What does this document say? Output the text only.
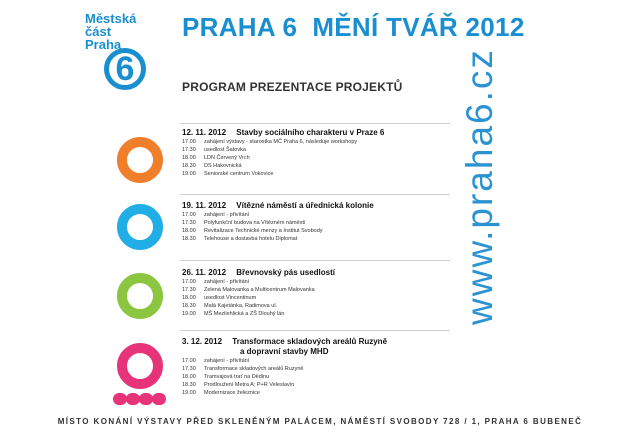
Městská
část
Praha
6
PRAHA 6  MĚNÍ TVÁŘ 2012
PROGRAM PREZENTACE PROJEKTŮ www.praha6.cz
12. 11. 2012 Stavby sociálního charakteru v Praze 6
17.00 zahájení výstavy - starostka MČ Praha 6, následuje workshopy
17.30 usedlost Šatovka
18.00 LDN Červený Vrch
18.30 DS Hakovnická
19.00 Seniorské centrum Vokovice
19. 11. 2012 Vítězné náměstí a úřednická kolonie
17.00 zahájení - přivítání
17.30 Polyfunkční budova na Vítězném náměstí
18.00 Revitalizace Technické menzy a Institut Svobody
18.30 Telehouse a dostavba hotelu Diplomat
26. 11. 2012 Břevnovský pás usedlostí
17.00 zahájení - přivítání
17.30 Zelená Malovanka a Multicentrum Malovanka
18.00 usedlost Vincentinum
18.30 Malá Kajetánka, Radimova ul.
19.00 MŠ Mezilehlická a ZŠ Dlouhý lán
3. 12. 2012 Transformace skladových areálů Ruzyně
a dopravní stavby MHD
17.00 zahájení - přivítání
17.30 Transformace skladových areálů Ruzyně
18.00 Tramvajová trať na Dědinu
18.30 Prodloužení Metra A; P+R Veleslavín
19.00 Modernizace železnice
MÍSTO KONÁNÍ VÝSTAVY PŘED SKLENĚNÝM PALÁCEM, NÁMĚSTÍ SVOBODY 728 / 1, PRAHA 6 BUBENEČ
